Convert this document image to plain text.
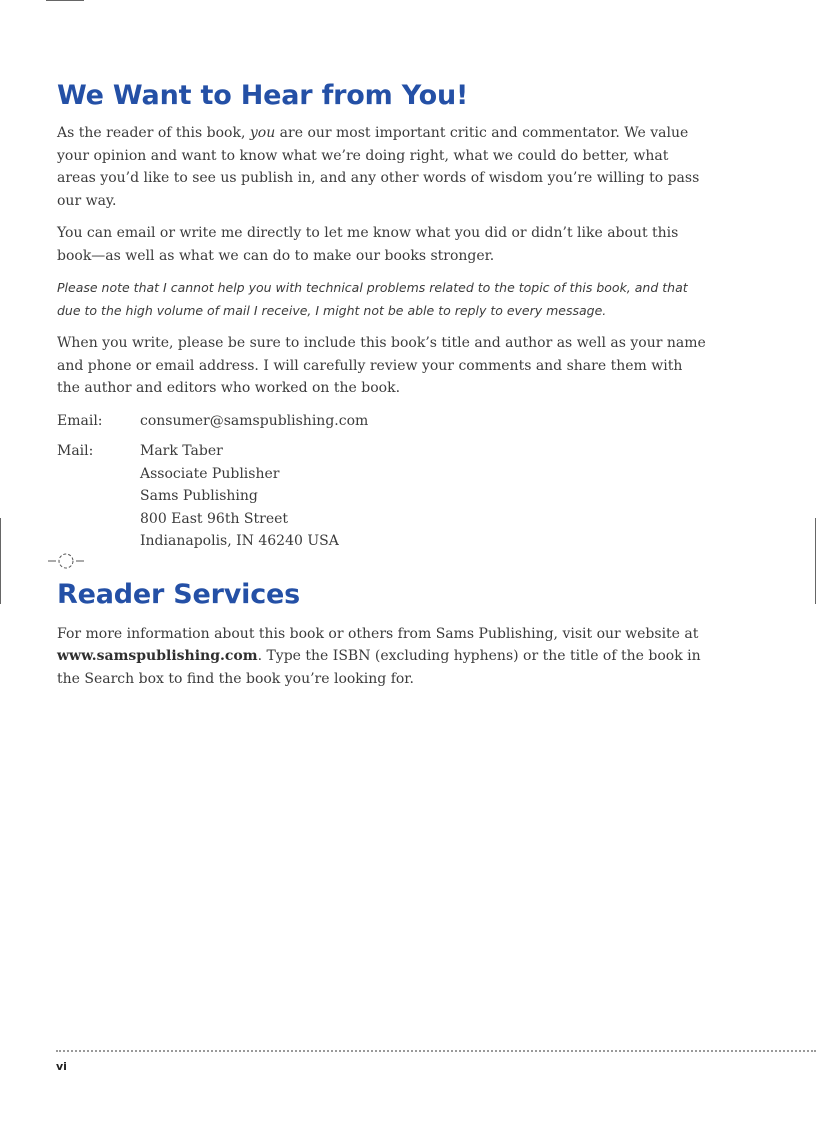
We Want to Hear from You!

As the reader of this book, you are our most important critic and commentator. We value your opinion and want to know what we’re doing right, what we could do better, what areas you’d like to see us publish in, and any other words of wisdom you’re willing to pass our way.

You can email or write me directly to let me know what you did or didn’t like about this book—as well as what we can do to make our books stronger.

Please note that I cannot help you with technical problems related to the topic of this book, and that due to the high volume of mail I receive, I might not be able to reply to every message.

When you write, please be sure to include this book’s title and author as well as your name and phone or email address. I will carefully review your comments and share them with the author and editors who worked on the book.

Email:	consumer@samspublishing.com
Mail:	Mark Taber
Associate Publisher
Sams Publishing
800 East 96th Street
Indianapolis, IN 46240 USA
Reader Services

For more information about this book or others from Sams Publishing, visit our website at www.samspublishing.com. Type the ISBN (excluding hyphens) or the title of the book in the Search box to find the book you’re looking for.

vi
